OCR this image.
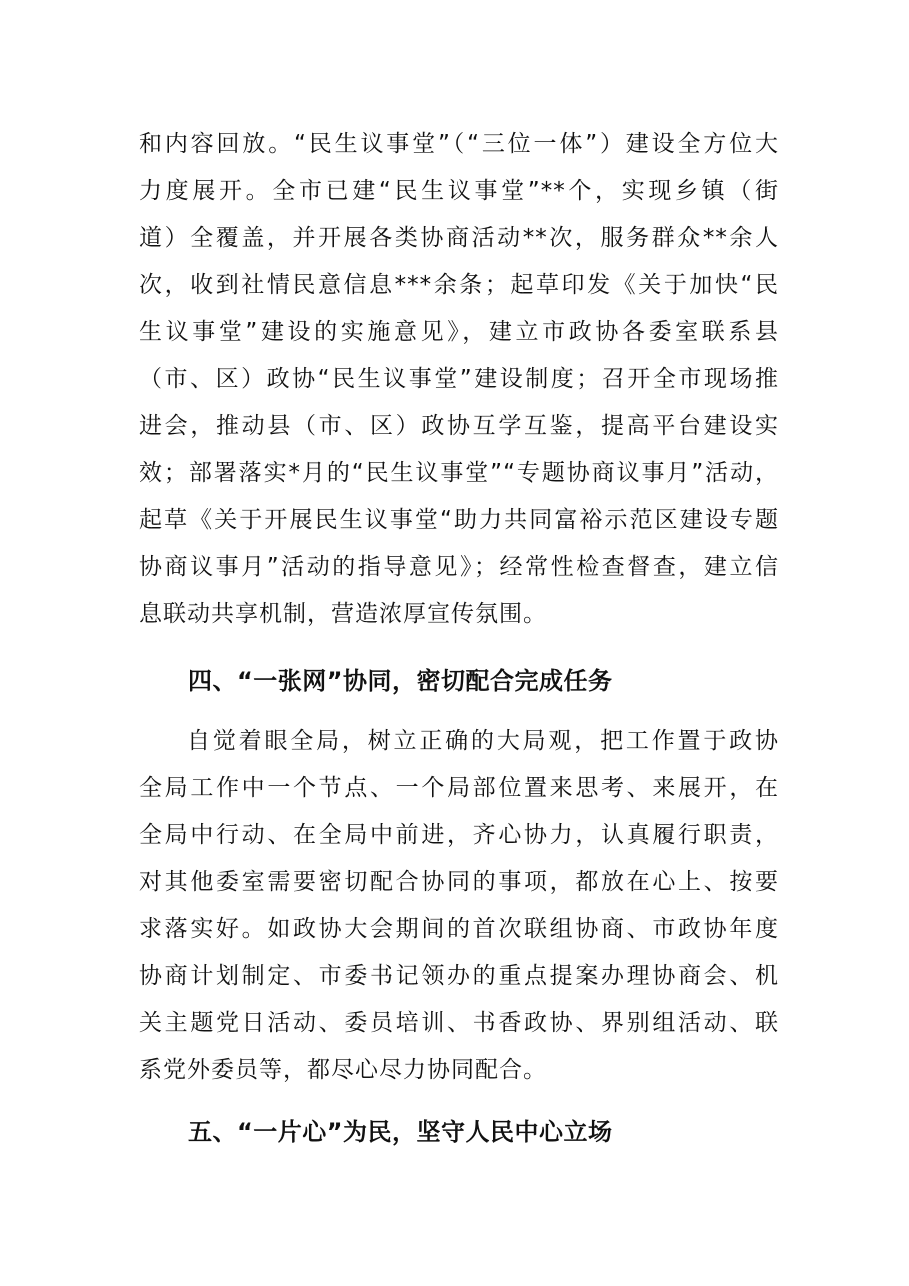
和内容回放。“民生议事堂”（“三位一体”）建设全方位大
力度展开。全市已建“民生议事堂”**个，实现乡镇（街
道）全覆盖，并开展各类协商活动**次，服务群众**余人
次，收到社情民意信息***余条；起草印发《关于加快“民
生议事堂”建设的实施意见》，建立市政协各委室联系县
（市、区）政协“民生议事堂”建设制度；召开全市现场推
进会，推动县（市、区）政协互学互鉴，提高平台建设实
效；部署落实*月的“民生议事堂”“专题协商议事月”活动，
起草《关于开展民生议事堂“助力共同富裕示范区建设专题
协商议事月”活动的指导意见》；经常性检查督查，建立信
息联动共享机制，营造浓厚宣传氛围。
四、“一张网”协同，密切配合完成任务
自觉着眼全局，树立正确的大局观，把工作置于政协
全局工作中一个节点、一个局部位置来思考、来展开，在
全局中行动、在全局中前进，齐心协力，认真履行职责，
对其他委室需要密切配合协同的事项，都放在心上、按要
求落实好。如政协大会期间的首次联组协商、市政协年度
协商计划制定、市委书记领办的重点提案办理协商会、机
关主题党日活动、委员培训、书香政协、界别组活动、联
系党外委员等，都尽心尽力协同配合。
五、“一片心”为民，坚守人民中心立场
